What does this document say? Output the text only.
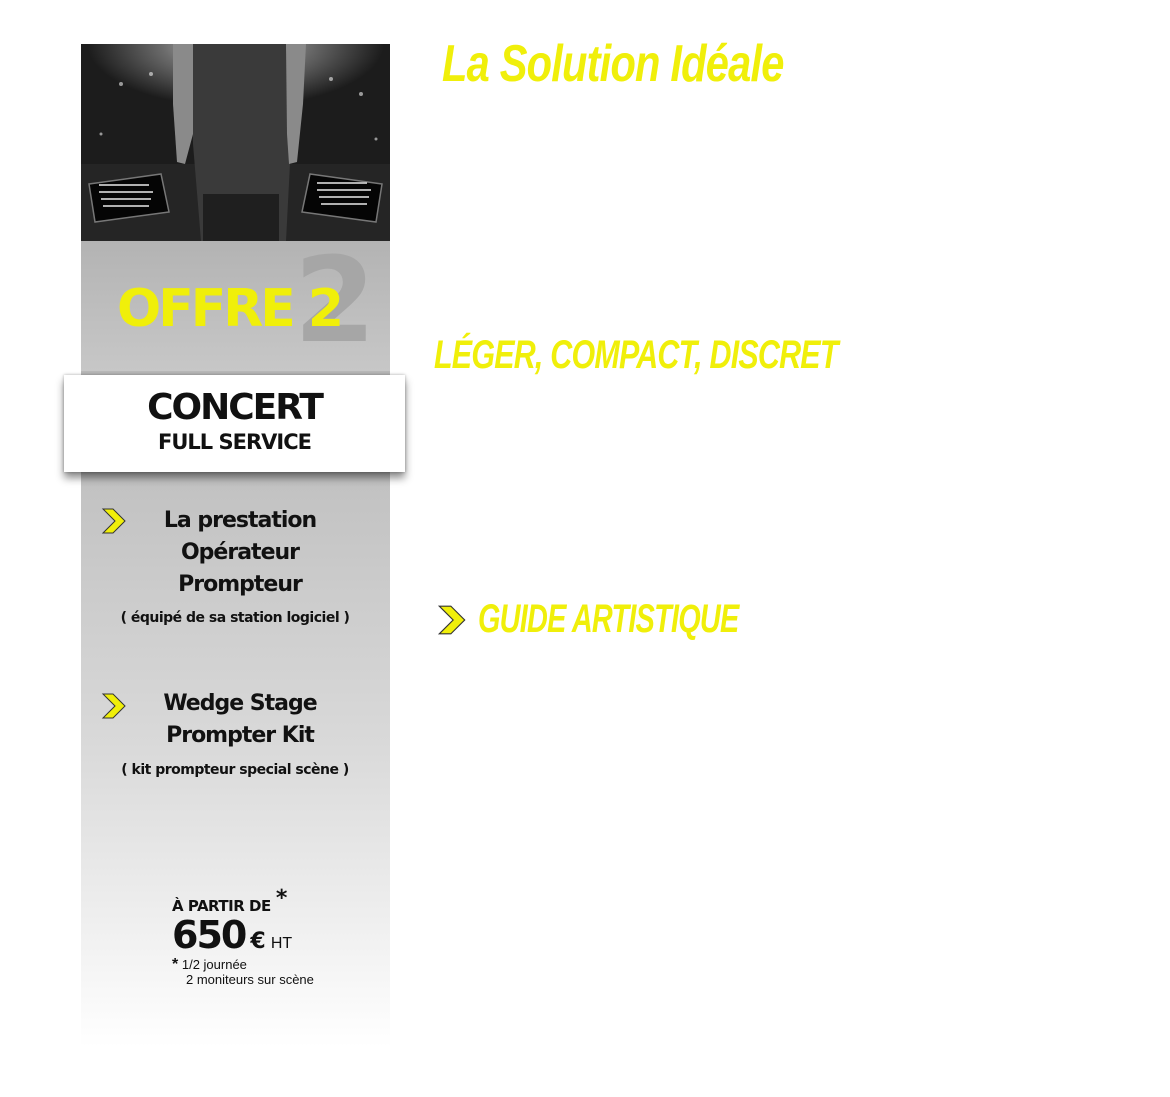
2
OFFRE 2
CONCERT
FULL SERVICE
La prestation
Opérateur
Prompteur
( équipé de sa station logiciel )
Wedge Stage
Prompter Kit
( kit prompteur special scène )
À PARTIR DE *
650 € HT
* 1/2 journée
2 moniteurs sur scène
La Solution Idéale
LÉGER, COMPACT, DISCRET
GUIDE ARTISTIQUE
